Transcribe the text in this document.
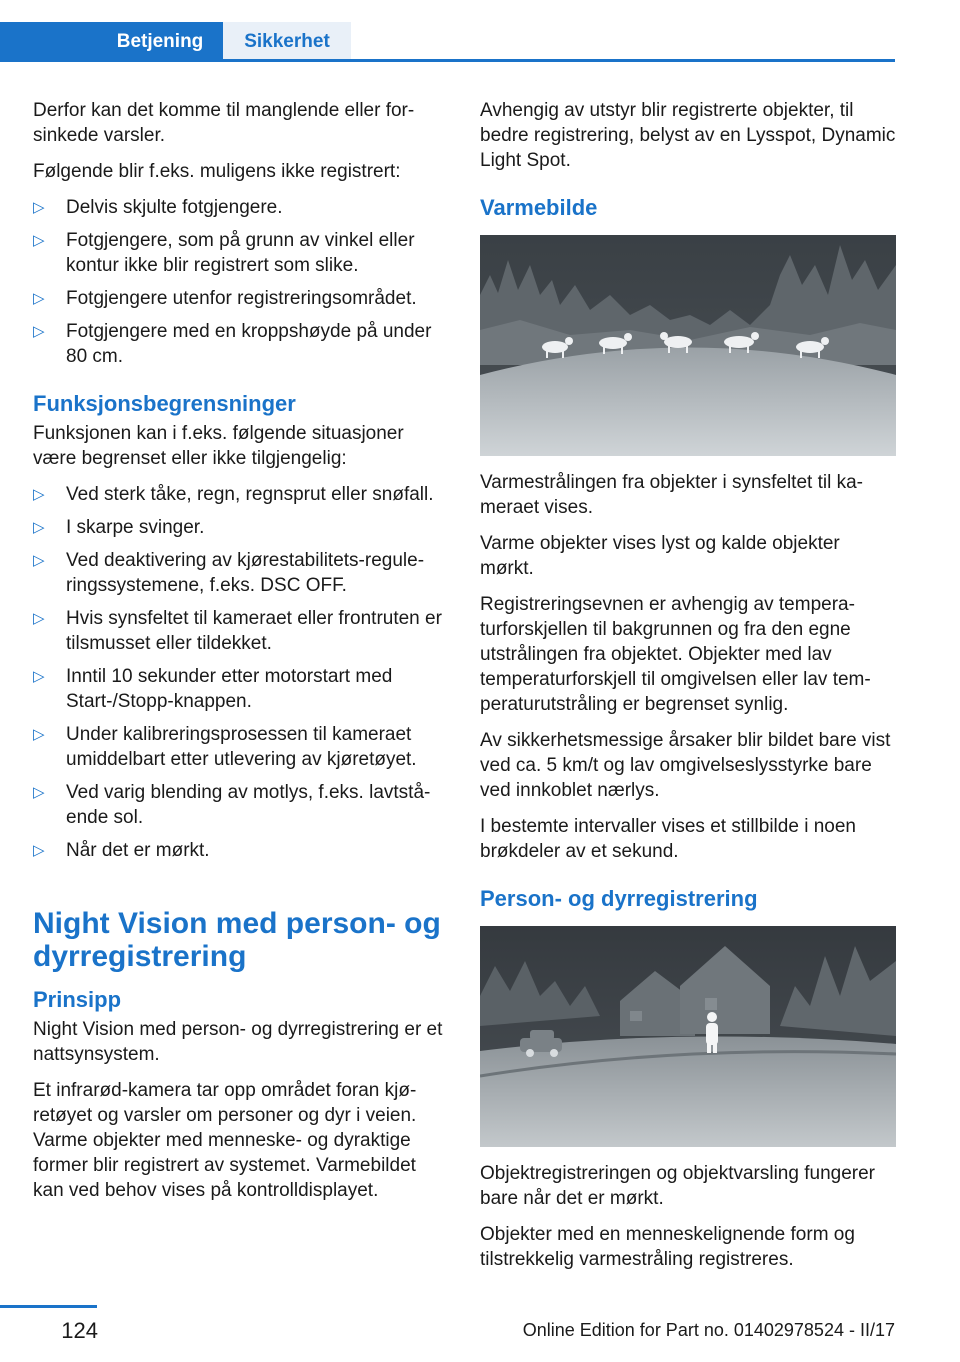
Betjening	Sikkerhet

Derfor kan det komme til manglende eller forsinkede varsler.

Følgende blir f.eks. muligens ikke registrert:

▷ Delvis skjulte fotgjengere.
▷ Fotgjengere, som på grunn av vinkel eller kontur ikke blir registrert som slike.
▷ Fotgjengere utenfor registreringsområdet.
▷ Fotgjengere med en kroppshøyde på under 80 cm.
Funksjonsbegrensninger

Funksjonen kan i f.eks. følgende situasjoner være begrenset eller ikke tilgjengelig:

▷ Ved sterk tåke, regn, regnsprut eller snøfall.
▷ I skarpe svinger.
▷ Ved deaktivering av kjørestabilitets-reguleringssystemene, f.eks. DSC OFF.
▷ Hvis synsfeltet til kameraet eller frontruten er tilsmusset eller tildekket.
▷ Inntil 10 sekunder etter motorstart med Start-/Stopp-knappen.
▷ Under kalibreringsprosessen til kameraet umiddelbart etter utlevering av kjøretøyet.
▷ Ved varig blending av motlys, f.eks. lavtstående sol.
▷ Når det er mørkt.
Night Vision med person- og dyrregistrering
Prinsipp

Night Vision med person- og dyrregistrering er et nattsynsystem.

Et infrarød-kamera tar opp området foran kjøretøyet og varsler om personer og dyr i veien. Varme objekter med menneske- og dyraktige former blir registrert av systemet. Varmebildet kan ved behov vises på kontrolldisplayet.

Avhengig av utstyr blir registrerte objekter, til bedre registrering, belyst av en Lysspot, Dynamic Light Spot.

Varmebilde

Varmestrålingen fra objekter i synsfeltet til kameraet vises.

Varme objekter vises lyst og kalde objekter mørkt.

Registreringsevnen er avhengig av temperaturforskjellen til bakgrunnen og fra den egne utstrålingen fra objektet. Objekter med lav temperaturforskjell til omgivelsen eller lav temperaturutstråling er begrenset synlig.

Av sikkerhetsmessige årsaker blir bildet bare vist ved ca. 5 km/t og lav omgivelseslysstyrke bare ved innkoblet nærlys.

I bestemte intervaller vises et stillbilde i noen brøkdeler av et sekund.

Person- og dyrregistrering

Objektregistreringen og objektvarsling fungerer bare når det er mørkt.

Objekter med en menneskelignende form og tilstrekkelig varmestråling registreres.

124	Online Edition for Part no. 01402978524 - II/17
